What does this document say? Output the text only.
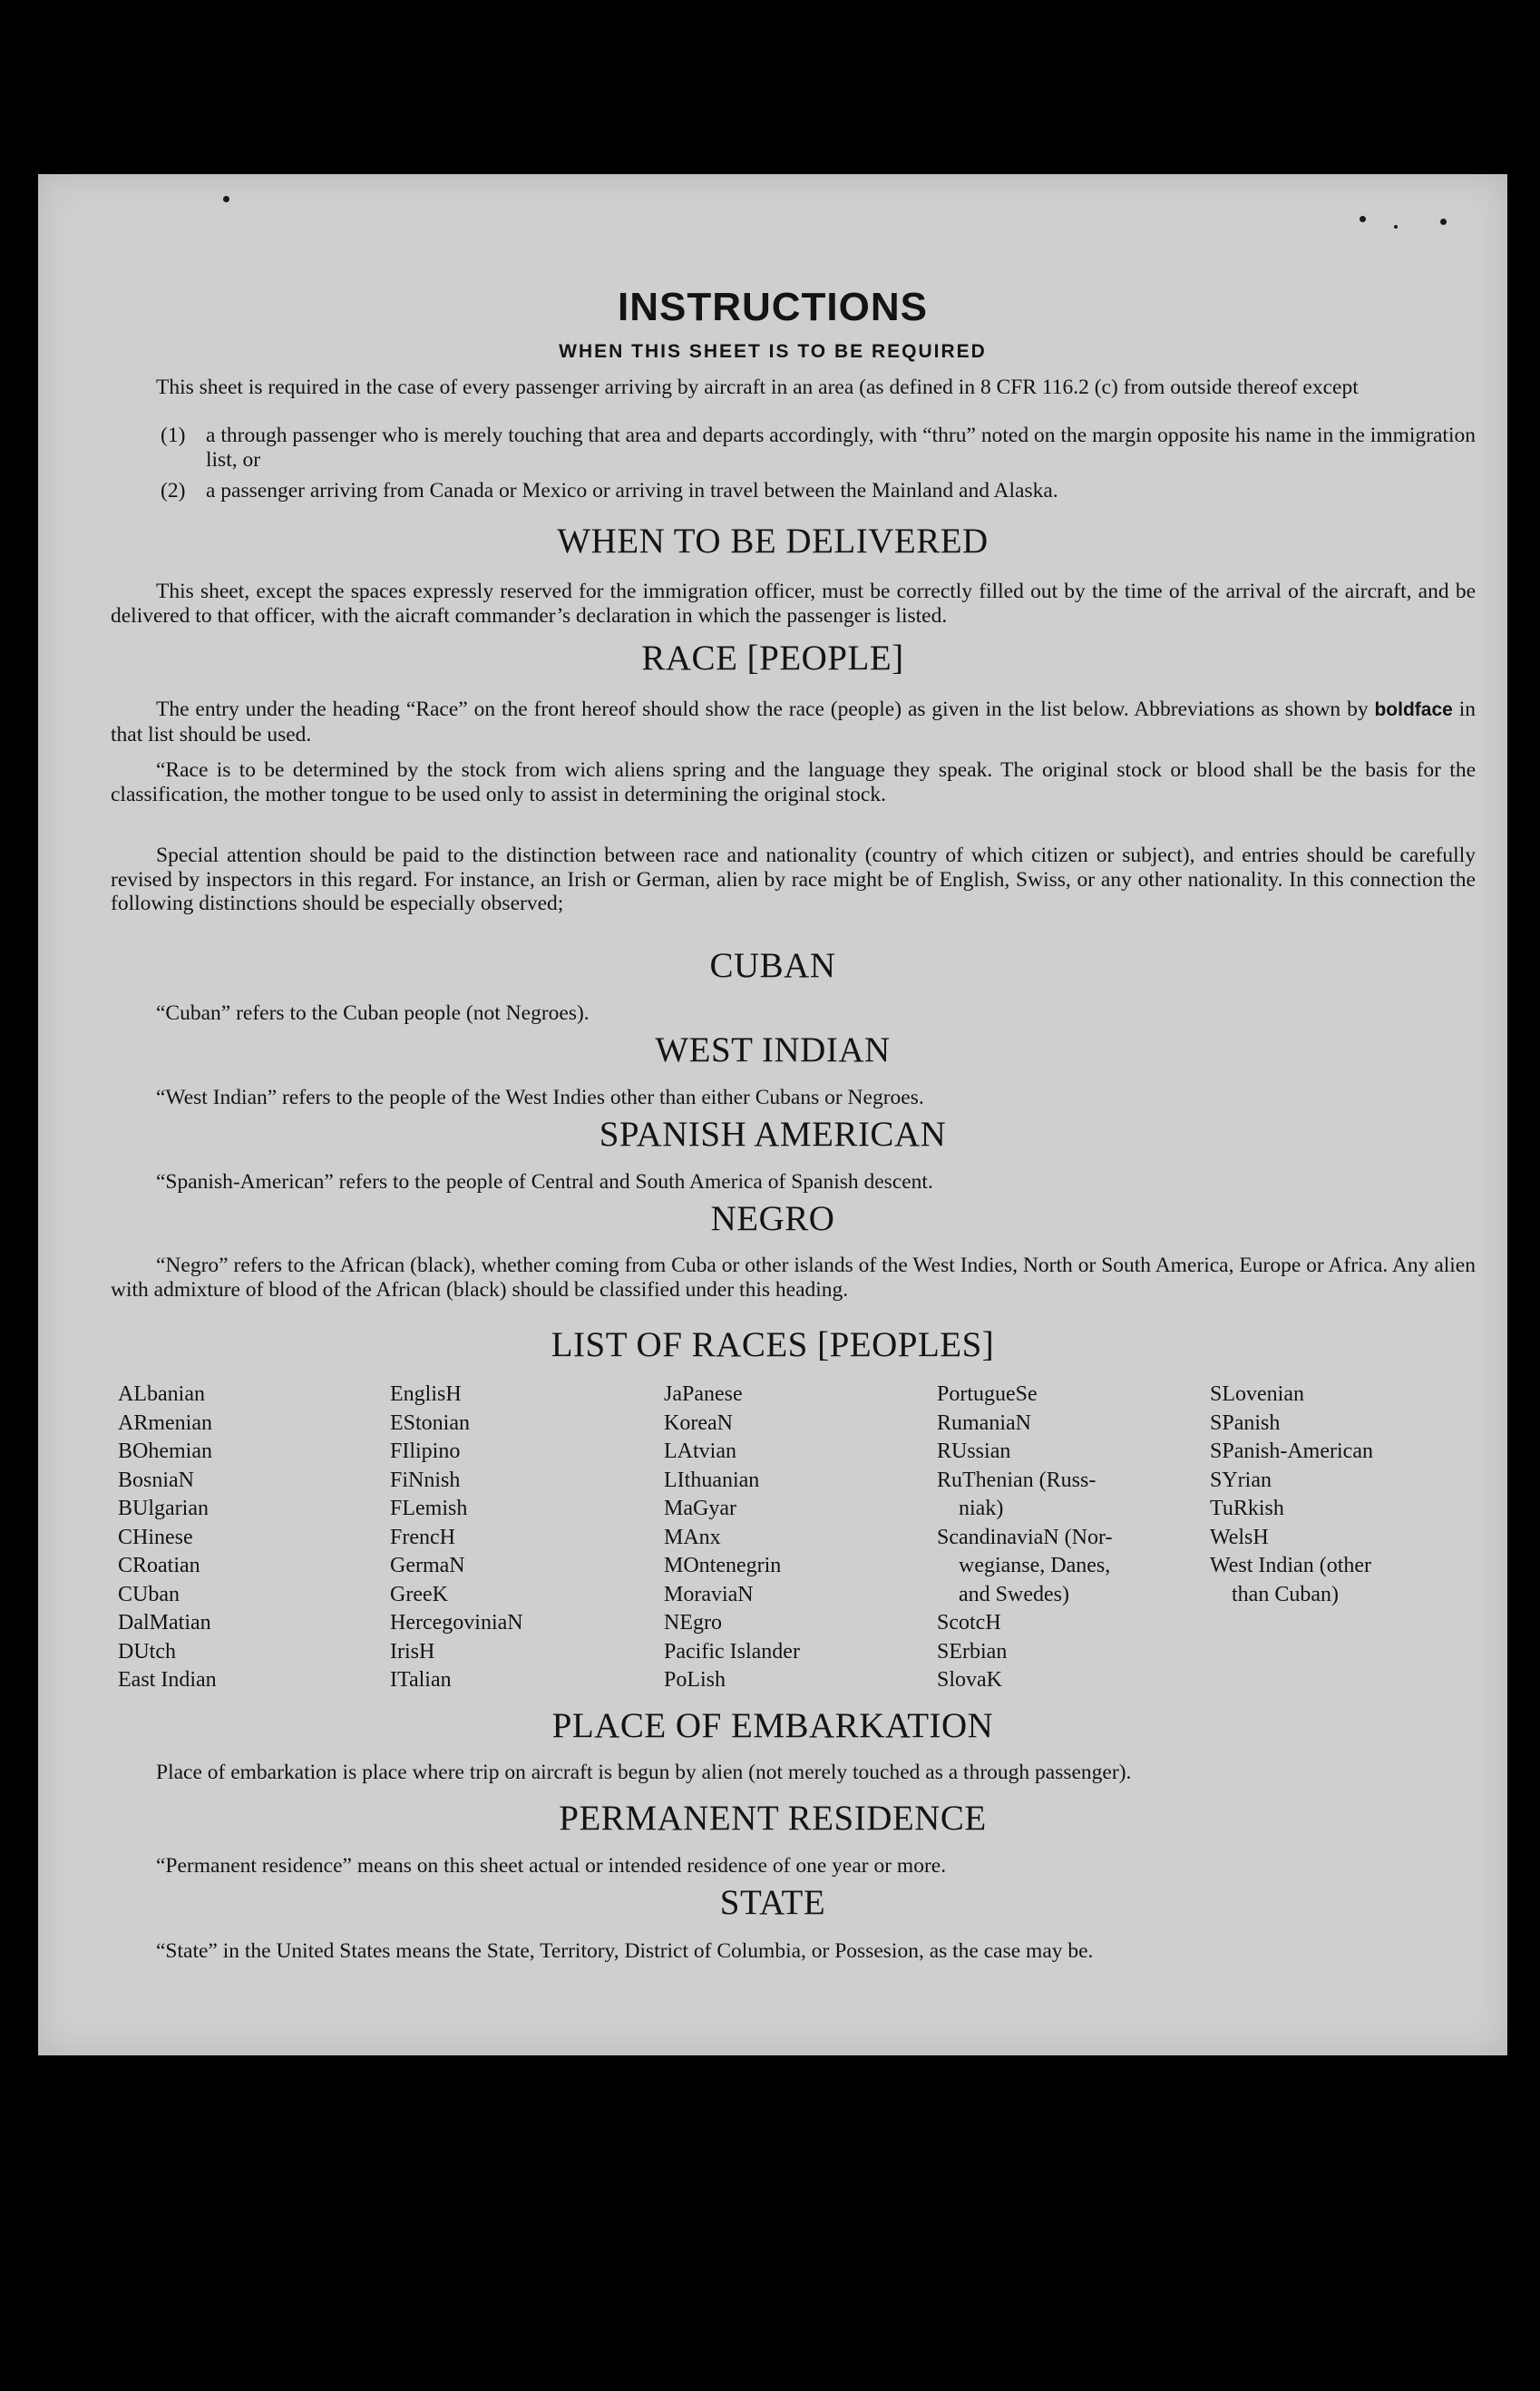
INSTRUCTIONS
WHEN THIS SHEET IS TO BE REQUIRED
This sheet is required in the case of every passenger arriving by aircraft in an area (as defined in 8 CFR 116.2 (c) from outside thereof except
(1) a through passenger who is merely touching that area and departs accordingly, with “thru” noted on the margin opposite his name in the immigration list, or
(2) a passenger arriving from Canada or Mexico or arriving in travel between the Mainland and Alaska.
WHEN TO BE DELIVERED
This sheet, except the spaces expressly reserved for the immigration officer, must be correctly filled out by the time of the arrival of the aircraft, and be delivered to that officer, with the aicraft commander’s declaration in which the passenger is listed.
RACE [PEOPLE]
The entry under the heading “Race” on the front hereof should show the race (people) as given in the list below. Abbreviations as shown by boldface in that list should be used.
“Race is to be determined by the stock from wich aliens spring and the language they speak. The original stock or blood shall be the basis for the classification, the mother tongue to be used only to assist in determining the original stock.
Special attention should be paid to the distinction between race and nationality (country of which citizen or subject), and entries should be carefully revised by inspectors in this regard. For instance, an Irish or German, alien by race might be of English, Swiss, or any other nationality. In this connection the following distinctions should be especially observed;
CUBAN
“Cuban” refers to the Cuban people (not Negroes).
WEST INDIAN
“West Indian” refers to the people of the West Indies other than either Cubans or Negroes.
SPANISH AMERICAN
“Spanish-American” refers to the people of Central and South America of Spanish descent.
NEGRO
“Negro” refers to the African (black), whether coming from Cuba or other islands of the West Indies, North or South America, Europe or Africa. Any alien with admixture of blood of the African (black) should be classified under this heading.
LIST OF RACES [PEOPLES]
ALbanian
ARmenian
BOhemian
BosniaN
BUlgarian
CHinese
CRoatian
CUban
DalMatian
DUtch
East Indian
EnglisH
EStonian
FIlipino
FiNnish
FLemish
FrencH
GermaN
GreeK
HercegoviniaN
IrisH
ITalian
JaPanese
KoreaN
LAtvian
LIthuanian
MaGyar
MAnx
MOntenegrin
MoraviaN
NEgro
Pacific Islander
PoLish
PortugueSe
RumaniaN
RUssian
RuThenian (Russ-
niak)
ScandinaviaN (Nor-
wegianse, Danes,
and Swedes)
ScotcH
SErbian
SlovaK
SLovenian
SPanish
SPanish-American
SYrian
TuRkish
WelsH
West Indian (other
than Cuban)
PLACE OF EMBARKATION
Place of embarkation is place where trip on aircraft is begun by alien (not merely touched as a through passenger).
PERMANENT RESIDENCE
“Permanent residence” means on this sheet actual or intended residence of one year or more.
STATE
“State” in the United States means the State, Territory, District of Columbia, or Possesion, as the case may be.
